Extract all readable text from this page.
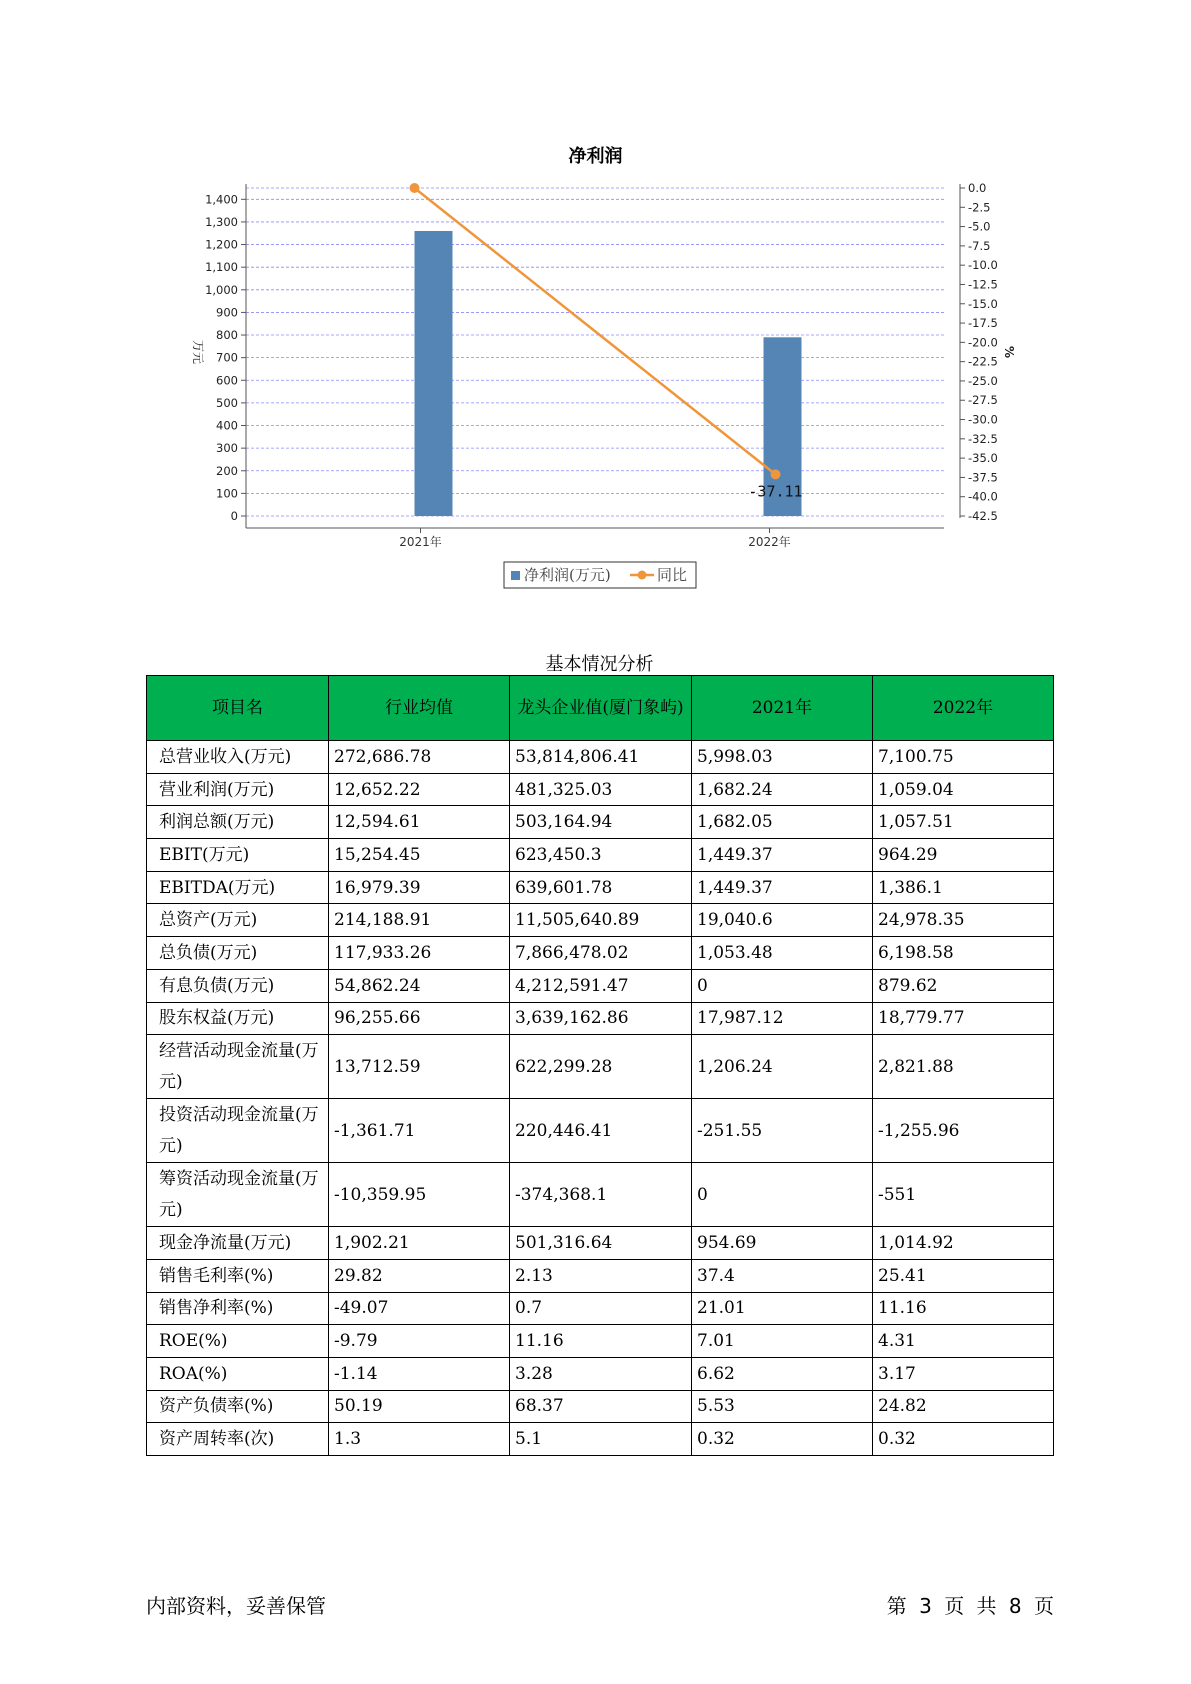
净利润
0
100
200
300
400
500
600
700
800
900
1,000
1,100
1,200
1,300
1,400
0.0
-2.5
-5.0
-7.5
-10.0
-12.5
-15.0
-17.5
-20.0
-22.5
-25.0
-27.5
-30.0
-32.5
-35.0
-37.5
-40.0
-42.5
万元	%
2021年	2022年
-37.11
净利润(万元)	同比
基本情况分析
项目名	行业均值	龙头企业值(厦门象屿)	2021年	2022年
总营业收入(万元)	272,686.78	53,814,806.41	5,998.03	7,100.75
营业利润(万元)	12,652.22	481,325.03	1,682.24	1,059.04
利润总额(万元)	12,594.61	503,164.94	1,682.05	1,057.51
EBIT(万元)	15,254.45	623,450.3	1,449.37	964.29
EBITDA(万元)	16,979.39	639,601.78	1,449.37	1,386.1
总资产(万元)	214,188.91	11,505,640.89	19,040.6	24,978.35
总负债(万元)	117,933.26	7,866,478.02	1,053.48	6,198.58
有息负债(万元)	54,862.24	4,212,591.47	0	879.62
股东权益(万元)	96,255.66	3,639,162.86	17,987.12	18,779.77
经营活动现金流量(万元)	13,712.59	622,299.28	1,206.24	2,821.88
投资活动现金流量(万元)	-1,361.71	220,446.41	-251.55	-1,255.96
筹资活动现金流量(万元)	-10,359.95	-374,368.1	0	-551
现金净流量(万元)	1,902.21	501,316.64	954.69	1,014.92
销售毛利率(%)	29.82	2.13	37.4	25.41
销售净利率(%)	-49.07	0.7	21.01	11.16
ROE(%)	-9.79	11.16	7.01	4.31
ROA(%)	-1.14	3.28	6.62	3.17
资产负债率(%)	50.19	68.37	5.53	24.82
资产周转率(次)	1.3	5.1	0.32	0.32
内部资料，妥善保管	第 3 页 共 8 页
